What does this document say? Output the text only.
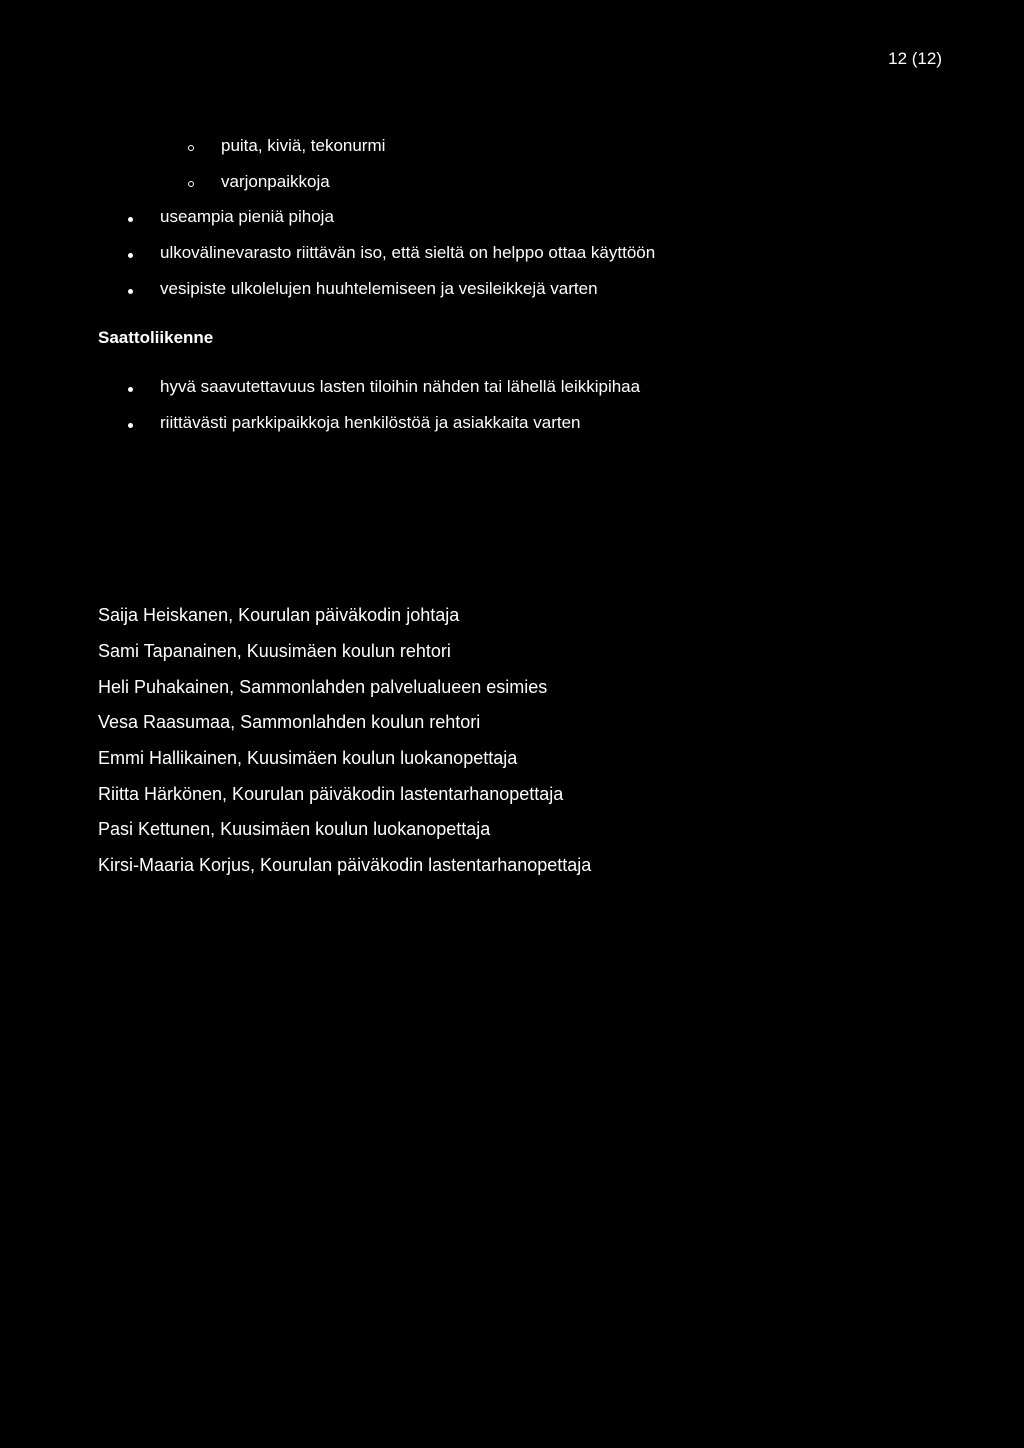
12 (12)
puita, kiviä, tekonurmi
varjonpaikkoja
useampia pieniä pihoja
ulkovälinevarasto riittävän iso, että sieltä on helppo ottaa käyttöön
vesipiste ulkolelujen huuhtelemiseen ja vesileikkejä varten
Saattoliikenne
hyvä saavutettavuus lasten tiloihin nähden tai lähellä leikkipihaa
riittävästi parkkipaikkoja henkilöstöä ja asiakkaita varten
Saija Heiskanen, Kourulan päiväkodin johtaja
Sami Tapanainen, Kuusimäen koulun rehtori
Heli Puhakainen, Sammonlahden palvelualueen esimies
Vesa Raasumaa, Sammonlahden koulun rehtori
Emmi Hallikainen, Kuusimäen koulun luokanopettaja
Riitta Härkönen, Kourulan päiväkodin lastentarhanopettaja
Pasi Kettunen, Kuusimäen koulun luokanopettaja
Kirsi-Maaria Korjus, Kourulan päiväkodin lastentarhanopettaja
